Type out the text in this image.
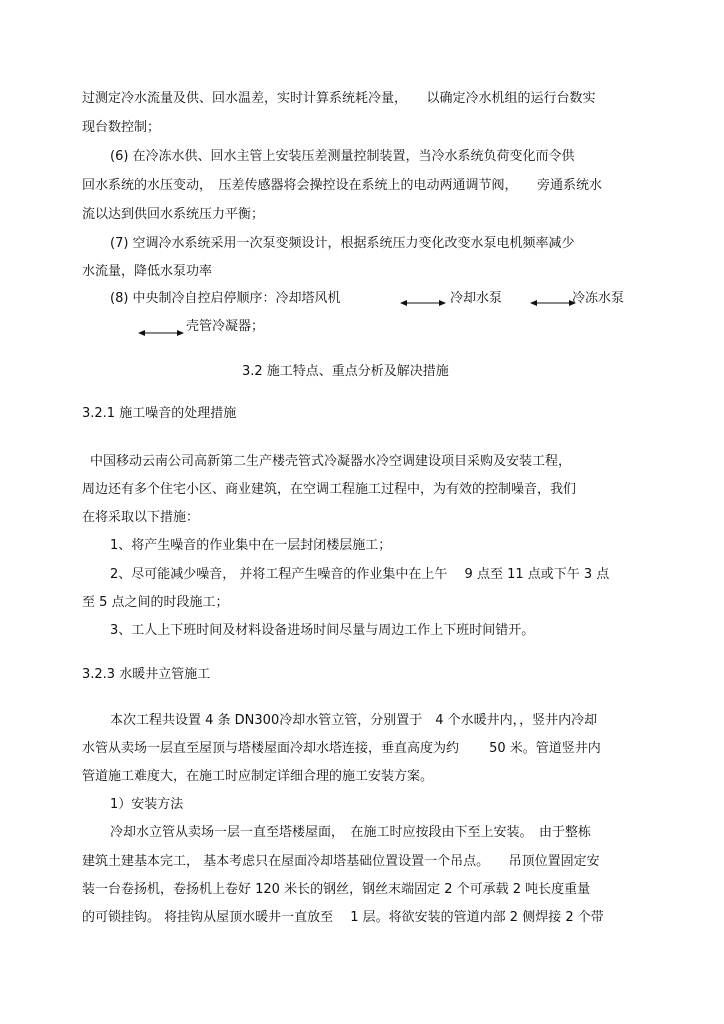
过测定冷水流量及供、回水温差，实时计算系统耗冷量，　　以确定冷水机组的运行台数实
现台数控制；
(6) 在冷冻水供、回水主管上安装压差测量控制装置，当冷水系统负荷变化而令供
回水系统的水压变动，　压差传感器将会操控设在系统上的电动两通调节阀，　　旁通系统水
流以达到供回水系统压力平衡；
(7) 空调冷水系统采用一次泵变频设计，根据系统压力变化改变水泵电机频率减少
水流量，降低水泵功率
(8) 中央制冷自控启停顺序：冷却塔风机	冷却水泵	冷冻水泵
壳管冷凝器；
3.2 施工特点、重点分析及解决措施
3.2.1 施工噪音的处理措施
中国移动云南公司高新第二生产楼壳管式冷凝器水冷空调建设项目采购及安装工程，
周边还有多个住宅小区、商业建筑，在空调工程施工过程中，为有效的控制噪音，我们
在将采取以下措施：
1、将产生噪音的作业集中在一层封闭楼层施工；
2、尽可能减少噪音， 并将工程产生噪音的作业集中在上午　 9 点至 11 点或下午 3 点
至 5 点之间的时段施工；
3、工人上下班时间及材料设备进场时间尽量与周边工作上下班时间错开。
3.2.3 水暖井立管施工
本次工程共设置 4 条 DN300冷却水管立管，分别置于　4 个水暖井内，，竖井内冷却
水管从卖场一层直至屋顶与塔楼屋面冷却水塔连接，垂直高度为约　　 50 米。管道竖井内
管道施工难度大，在施工时应制定详细合理的施工安装方案。
1）安装方法
冷却水立管从卖场一层一直至塔楼屋面，　在施工时应按段由下至上安装。　由于整栋
建筑土建基本完工， 基本考虑只在屋面冷却塔基础位置设置一个吊点。　　吊顶位置固定安
装一台卷扬机，卷扬机上卷好 120 米长的钢丝，钢丝末端固定 2 个可承载 2 吨长度重量
的可锁挂钩。 将挂钩从屋顶水暖井一直放至　 1 层。将欲安装的管道内部 2 侧焊接 2 个带
